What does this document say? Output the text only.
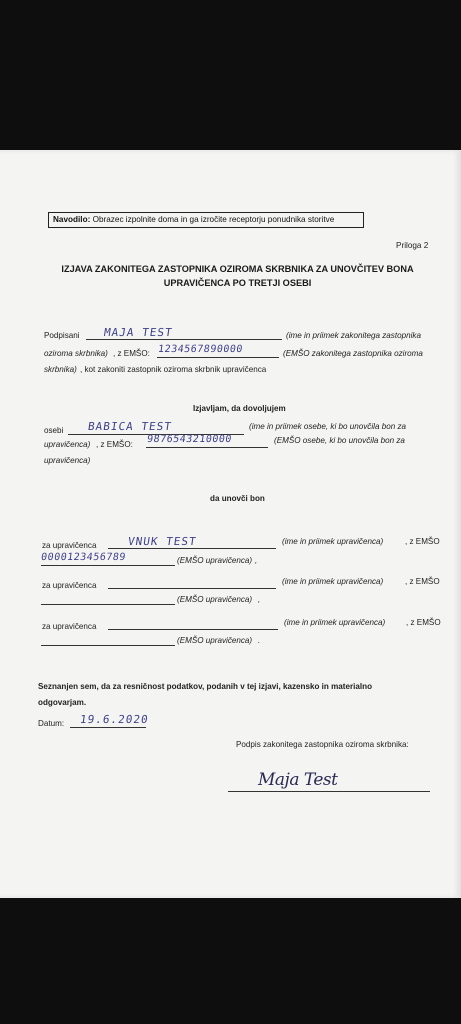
Navodilo: Obrazec izpolnite doma in ga izročite receptorju ponudnika storitve
Priloga 2
IZJAVA ZAKONITEGA ZASTOPNIKA OZIROMA SKRBNIKA ZA UNOVČITEV BONA
UPRAVIČENCA PO TRETJI OSEBI
Podpisani MAJA TEST	(ime in priimek zakonitega zastopnika
oziroma skrbnika) , z EMŠO: 1234567890000	(EMŠO zakonitega zastopnika oziroma
skrbnika) , kot zakoniti zastopnik oziroma skrbnik upravičenca
Izjavljam, da dovoljujem
osebi BABICA TEST	(ime in priimek osebe, ki bo unovčila bon za
upravičenca) , z EMŠO: 9876543210000	(EMŠO osebe, ki bo unovčila bon za
upravičenca)
da unovči bon
za upravičenca	VNUK TEST	(ime in priimek upravičenca)	, z EMŠO
0000123456789	(EMŠO upravičenca) ,
za upravičenca	(ime in priimek upravičenca)	, z EMŠO
(EMŠO upravičenca) ,
za upravičenca	(ime in priimek upravičenca)	, z EMŠO
(EMŠO upravičenca) .
Seznanjen sem, da za resničnost podatkov, podanih v tej izjavi, kazensko in materialno
odgovarjam.
Datum: 19.6.2020
Podpis zakonitega zastopnika oziroma skrbnika:
Maja Test
